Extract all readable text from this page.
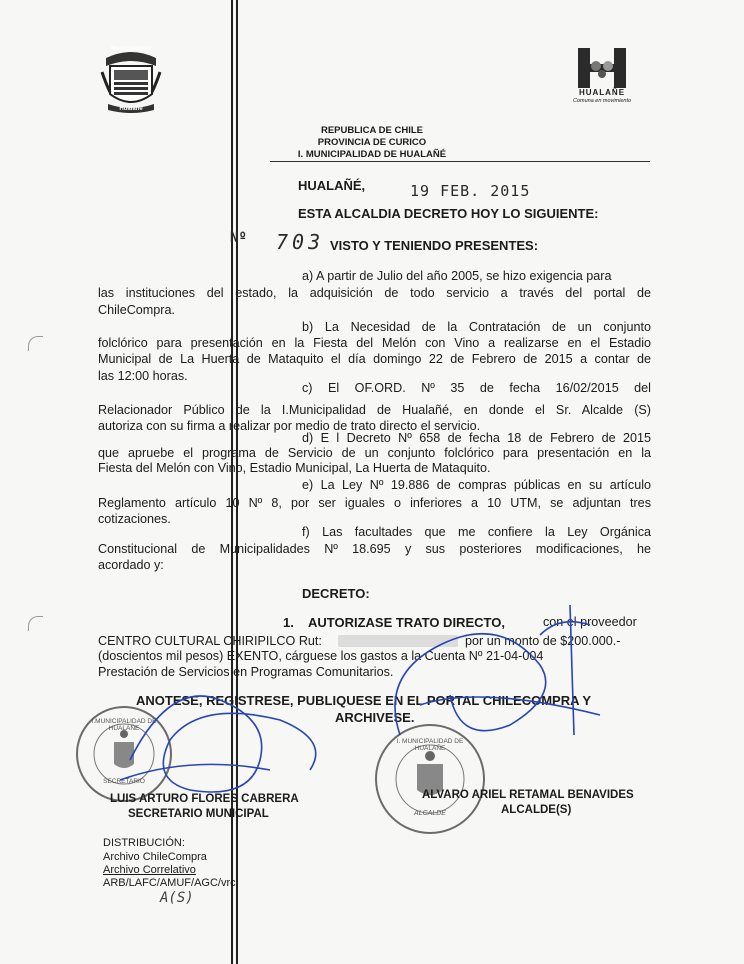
Municipalidad
Hualañé
HUALAÑE
Comuna en movimiento
REPUBLICA DE CHILE
PROVINCIA DE CURICO
I. MUNICIPALIDAD DE HUALAÑÉ
HUALAÑÉ,	19 FEB. 2015
ESTA ALCALDIA DECRETO HOY LO SIGUIENTE:
Nº 703 VISTO Y TENIENDO PRESENTES:
a) A partir de Julio del año 2005, se hizo exigencia para
las instituciones del estado, la adquisición de todo servicio a través del portal de
ChileCompra.
b) La Necesidad de la Contratación de un conjunto
folclórico para presentación en la Fiesta del Melón con Vino a realizarse en el Estadio
Municipal de La Huerta de Mataquito el día domingo 22 de Febrero de 2015 a contar de
las 12:00 horas.
c) El OF.ORD. Nº 35 de fecha 16/02/2015 del
Relacionador Público de la I.Municipalidad de Hualañé, en donde el Sr. Alcalde (S)
autoriza con su firma a realizar por medio de trato directo el servicio.
d) E l Decreto Nº 658 de fecha 18 de Febrero de 2015
que apruebe el programa de Servicio de un conjunto folclórico para presentación en la
Fiesta del Melón con Vino, Estadio Municipal, La Huerta de Mataquito.
e) La Ley Nº 19.886 de compras públicas en su artículo
Reglamento artículo 10 Nº 8, por ser iguales o inferiores a 10 UTM, se adjuntan tres
cotizaciones.
f) Las facultades que me confiere la Ley Orgánica
Constitucional de Municipalidades Nº 18.695 y sus posteriores modificaciones, he
acordado y:
DECRETO:
1. AUTORIZASE TRATO DIRECTO,	con el proveedor
CENTRO CULTURAL CHIRIPILCO Rut:	por un monto de $200.000.-
(doscientos mil pesos) EXENTO, cárguese los gastos a la Cuenta Nº 21-04-004
Prestación de Servicios en Programas Comunitarios.
ANOTESE, REGISTRESE, PUBLIQUESE EN EL PORTAL CHILECOMPRA Y
ARCHIVESE.
I.MUNICIPALIDAD DE HUALAÑE
SECRETARIO
I. MUNICIPALIDAD DE HUALAÑE
ALCALDE
LUIS ARTURO FLORES CABRERA
SECRETARIO MUNICIPAL
ALVARO ARIEL RETAMAL BENAVIDES
ALCALDE(S)
DISTRIBUCIÓN:
Archivo ChileCompra
Archivo Correlativo
ARB/LAFC/AMUF/AGC/vrc.
A(S)
